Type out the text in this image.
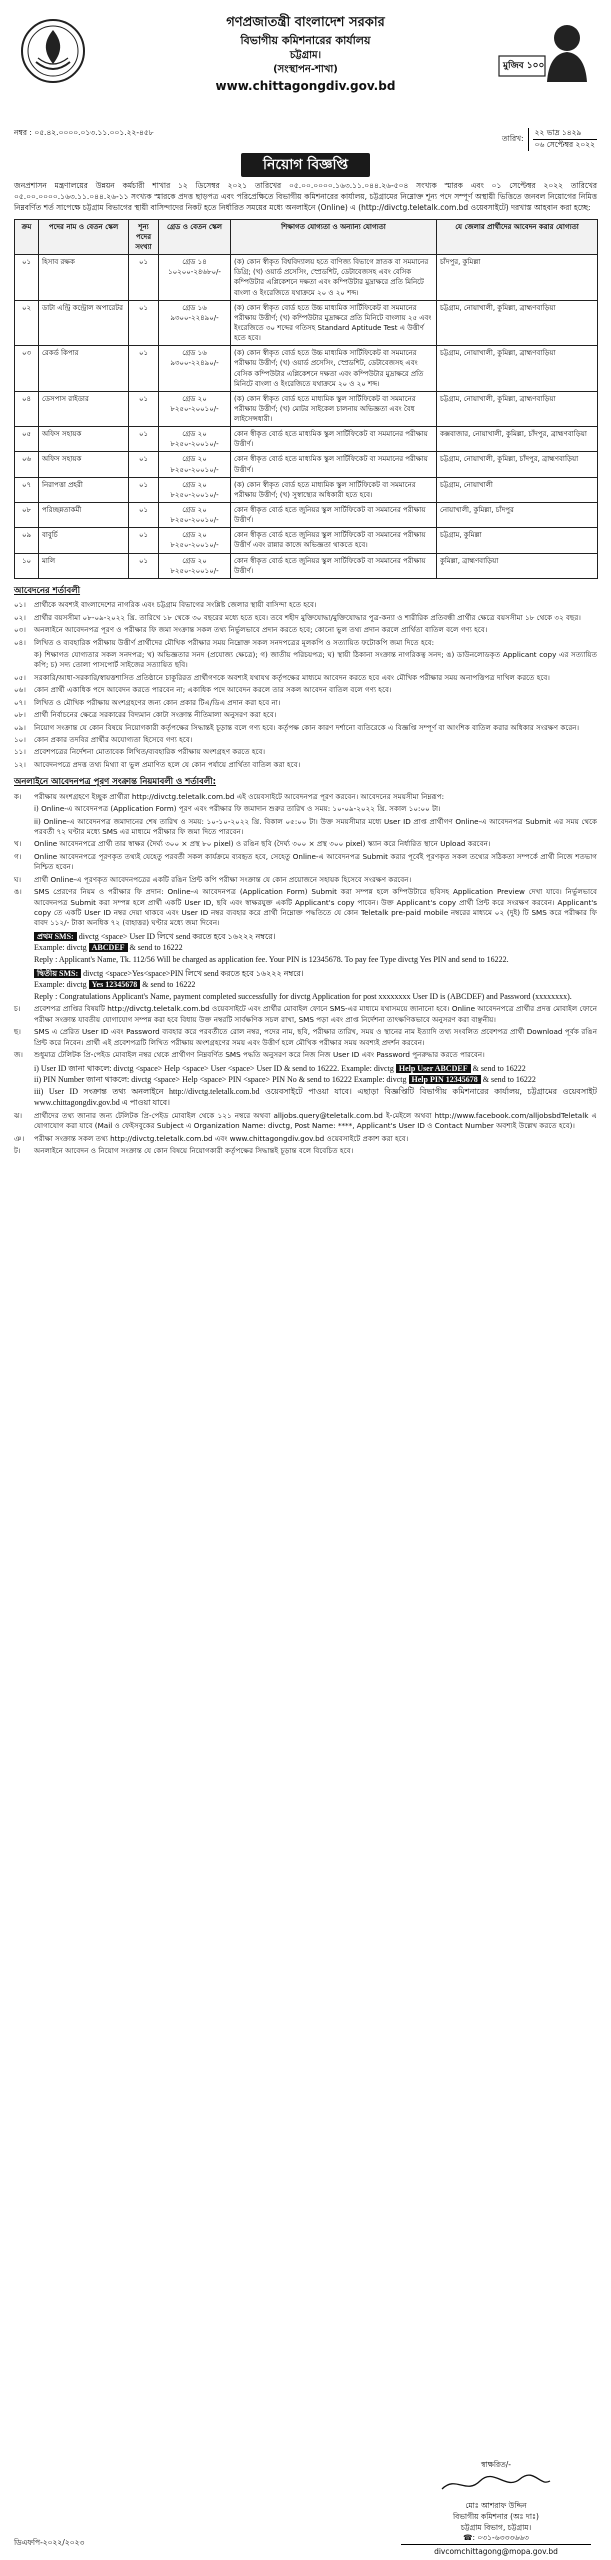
গণপ্রজাতন্ত্রী বাংলাদেশ সরকার
বিভাগীয় কমিশনারের কার্যালয়
চট্টগ্রাম।
(সংস্থাপন-শাখা)
www.chittagongdiv.gov.bd
মুজিব ১০০
নম্বর : ০৫.৪২.০০০০.০১৩.১১.০০১.২২-৪৫৮
তারিখ:
২২ ভাদ্র ১৪২৯
০৬ সেপ্টেম্বর ২০২২
নিয়োগ বিজ্ঞপ্তি
জনপ্রশাসন মন্ত্রণালয়ের উন্নয়ন কর্মচারী শাখার ১২ ডিসেম্বর ২০২১ তারিখের ০৫.০০.০০০০.১৬৩.১১.০৪৪.২৬-৫০৪ সংখ্যক স্মারক এবং ০১ সেপ্টেম্বর ২০২২ তারিখের ০৫.০০.০০০০.১৬৩.১১.০৪৪.২৬-১১ সংখ্যক স্মারকে প্রদত্ত ছাড়পত্র এবং পরিপ্রেক্ষিতে বিভাগীয় কমিশনারের কার্যালয়, চট্টগ্রামের নিম্নোক্ত শূন্য পদে সম্পূর্ণ অস্থায়ী ভিত্তিতে জনবল নিয়োগের নিমিত্ত নিম্নবর্ণিত শর্ত সাপেক্ষে চট্টগ্রাম বিভাগের স্থায়ী বাসিন্দাদের নিকট হতে নির্ধারিত সময়ের মধ্যে অনলাইনে (Online) এ (http://divctg.teletalk.com.bd ওয়েবসাইটে) দরখাস্ত আহবান করা হচ্ছে:
ক্রম	পদের নাম ও বেতন স্কেল	শূন্য পদের সংখ্যা	গ্রেড ও বেতন স্কেল	শিক্ষাগত যোগ্যতা ও অন্যান্য যোগ্যতা	যে জেলার প্রার্থীদের আবেদন করার যোগ্যতা
০১	হিসাব রক্ষক	০১	গ্রেড ১৪ ১০২০০-২৪৬৮০/-	(ক) কোন স্বীকৃত বিশ্ববিদ্যালয় হতে বাণিজ্য বিভাগে স্নাতক বা সমমানের ডিগ্রি; (খ) ওয়ার্ড প্রসেসিং, স্প্রেডশিট, ডেটাবেজসহ এবং বেসিক কম্পিউটার এপ্লিকেশনে দক্ষতা এবং কম্পিউটার মুদ্রাক্ষরে প্রতি মিনিটে বাংলা ও ইংরেজিতে যথাক্রমে ২০ ও ২০ শব্দ।	চাঁদপুর, কুমিল্লা
০২	ডাটা এন্ট্রি কন্ট্রোল অপারেটর	০১	গ্রেড ১৬ ৯৩০০-২২৪৯০/-	(ক) কোন স্বীকৃত বোর্ড হতে উচ্চ মাধ্যমিক সার্টিফিকেট বা সমমানের পরীক্ষায় উত্তীর্ণ; (খ) কম্পিউটার মুদ্রাক্ষরে প্রতি মিনিটে বাংলায় ২৫ এবং ইংরেজিতে ৩০ শব্দের গতিসহ Standard Aptitude Test এ উত্তীর্ণ হতে হবে।	চট্টগ্রাম, নোয়াখালী, কুমিল্লা, ব্রাহ্মণবাড়িয়া
০৩	রেকর্ড কিপার	০১	গ্রেড ১৬ ৯৩০০-২২৪৯০/-	(ক) কোন স্বীকৃত বোর্ড হতে উচ্চ মাধ্যমিক সার্টিফিকেট বা সমমানের পরীক্ষায় উত্তীর্ণ; (খ) ওয়ার্ড প্রসেসিং, স্প্রেডশিট, ডেটাবেজসহ এবং বেসিক কম্পিউটার এপ্লিকেশনে দক্ষতা এবং কম্পিউটার মুদ্রাক্ষরে প্রতি মিনিটে বাংলা ও ইংরেজিতে যথাক্রমে ২০ ও ২০ শব্দ।	চট্টগ্রাম, নোয়াখালী, কুমিল্লা, ব্রাহ্মণবাড়িয়া
০৪	ডেসপাস রাইডার	০১	গ্রেড ২০ ৮২৫০-২০০১০/-	(ক) কোন স্বীকৃত বোর্ড হতে মাধ্যমিক স্কুল সার্টিফিকেট বা সমমানের পরীক্ষায় উত্তীর্ণ; (খ) মোটর সাইকেল চালনায় অভিজ্ঞতা এবং বৈধ লাইসেন্সধারী।	চট্টগ্রাম, নোয়াখালী, কুমিল্লা, ব্রাহ্মণবাড়িয়া
০৫	অফিস সহায়ক	০১	গ্রেড ২০ ৮২৫০-২০০১০/-	কোন স্বীকৃত বোর্ড হতে মাধ্যমিক স্কুল সার্টিফিকেট বা সমমানের পরীক্ষায় উত্তীর্ণ।	কক্সবাজার, নোয়াখালী, কুমিল্লা, চাঁদপুর, ব্রাহ্মণবাড়িয়া
০৬	অফিস সহায়ক	০১	গ্রেড ২০ ৮২৫০-২০০১০/-	কোন স্বীকৃত বোর্ড হতে মাধ্যমিক স্কুল সার্টিফিকেট বা সমমানের পরীক্ষায় উত্তীর্ণ।	চট্টগ্রাম, নোয়াখালী, কুমিল্লা, চাঁদপুর, ব্রাহ্মণবাড়িয়া
০৭	নিরাপত্তা প্রহরী	০১	গ্রেড ২০ ৮২৫০-২০০১০/-	(ক) কোন স্বীকৃত বোর্ড হতে মাধ্যমিক স্কুল সার্টিফিকেট বা সমমানের পরীক্ষায় উত্তীর্ণ; (খ) সুস্বাস্থ্যের অধিকারী হতে হবে।	চট্টগ্রাম, নোয়াখালী
০৮	পরিচ্ছন্নতাকর্মী	০১	গ্রেড ২০ ৮২৫০-২০০১০/-	কোন স্বীকৃত বোর্ড হতে জুনিয়র স্কুল সার্টিফিকেট বা সমমানের পরীক্ষায় উত্তীর্ণ।	নোয়াখালী, কুমিল্লা, চাঁদপুর
০৯	বাবুর্চি	০১	গ্রেড ২০ ৮২৫০-২০০১০/-	কোন স্বীকৃত বোর্ড হতে জুনিয়র স্কুল সার্টিফিকেট বা সমমানের পরীক্ষায় উত্তীর্ণ এবং রান্নার কাজে অভিজ্ঞতা থাকতে হবে।	চট্টগ্রাম, কুমিল্লা
১০	মালি	০১	গ্রেড ২০ ৮২৫০-২০০১০/-	কোন স্বীকৃত বোর্ড হতে জুনিয়র স্কুল সার্টিফিকেট বা সমমানের পরীক্ষায় উত্তীর্ণ।	কুমিল্লা, ব্রাহ্মণবাড়িয়া
আবেদনের শর্তাবলী
০১।	প্রার্থীকে অবশ্যই বাংলাদেশের নাগরিক এবং চট্টগ্রাম বিভাগের সংশ্লিষ্ট জেলার স্থায়ী বাসিন্দা হতে হবে।
০২।	প্রার্থীর বয়সসীমা ০৮-০৯-২০২২ খ্রি. তারিখে ১৮ থেকে ৩০ বছরের মধ্যে হতে হবে। তবে শহীদ মুক্তিযোদ্ধা/মুক্তিযোদ্ধার পুত্র-কন্যা ও শারীরিক প্রতিবন্ধী প্রার্থীর ক্ষেত্রে বয়সসীমা ১৮ থেকে ৩২ বছর।
০৩।	অনলাইনে আবেদনপত্র পূরণ ও পরীক্ষার ফি জমা সংক্রান্ত সকল তথ্য নির্ভুলভাবে প্রদান করতে হবে; কোনো ভুল তথ্য প্রদান করলে প্রার্থিতা বাতিল বলে গণ্য হবে।
০৪।	লিখিত ও ব্যবহারিক পরীক্ষায় উত্তীর্ণ প্রার্থীদের মৌখিক পরীক্ষার সময় নিম্নোক্ত সকল সনদপত্রের মূলকপি ও সত্যায়িত ফটোকপি জমা দিতে হবে:
ক) শিক্ষাগত যোগ্যতার সকল সনদপত্র; খ) অভিজ্ঞতার সনদ (প্রযোজ্য ক্ষেত্রে); গ) জাতীয় পরিচয়পত্র; ঘ) স্থায়ী ঠিকানা সংক্রান্ত নাগরিকত্ব সনদ; ঙ) ডাউনলোডকৃত Applicant copy এর সত্যায়িত কপি; চ) সদ্য তোলা পাসপোর্ট সাইজের সত্যায়িত ছবি।
০৫।	সরকারি/আধা-সরকারি/স্বায়ত্তশাসিত প্রতিষ্ঠানে চাকুরিরত প্রার্থীগণকে অবশ্যই যথাযথ কর্তৃপক্ষের মাধ্যমে আবেদন করতে হবে এবং মৌখিক পরীক্ষার সময় অনাপত্তিপত্র দাখিল করতে হবে।
০৬।	কোন প্রার্থী একাধিক পদে আবেদন করতে পারবেন না; একাধিক পদে আবেদন করলে তার সকল আবেদন বাতিল বলে গণ্য হবে।
০৭।	লিখিত ও মৌখিক পরীক্ষায় অংশগ্রহণের জন্য কোন প্রকার টিএ/ডিএ প্রদান করা হবে না।
০৮।	প্রার্থী নির্বাচনের ক্ষেত্রে সরকারের বিদ্যমান কোটা সংক্রান্ত নীতিমালা অনুসরণ করা হবে।
০৯।	নিয়োগ সংক্রান্ত যে কোন বিষয়ে নিয়োগকারী কর্তৃপক্ষের সিদ্ধান্তই চূড়ান্ত বলে গণ্য হবে। কর্তৃপক্ষ কোন কারণ দর্শানো ব্যতিরেকে এ বিজ্ঞপ্তি সম্পূর্ণ বা আংশিক বাতিল করার অধিকার সংরক্ষণ করেন।
১০।	কোন প্রকার তদবির প্রার্থীর অযোগ্যতা হিসেবে গণ্য হবে।
১১।	প্রবেশপত্রের নির্দেশনা মোতাবেক লিখিত/ব্যবহারিক পরীক্ষায় অংশগ্রহণ করতে হবে।
১২।	আবেদনপত্রে প্রদত্ত তথ্য মিথ্যা বা ভুল প্রমাণিত হলে যে কোন পর্যায়ে প্রার্থিতা বাতিল করা হবে।
অনলাইনে আবেদনপত্র পূরণ সংক্রান্ত নিয়মাবলী ও শর্তাবলী:
ক।	পরীক্ষায় অংশগ্রহণে ইচ্ছুক প্রার্থীরা http://divctg.teletalk.com.bd এই ওয়েবসাইটে আবেদনপত্র পূরণ করবেন। আবেদনের সময়সীমা নিম্নরূপ:
i) Online-এ আবেদনপত্র (Application Form) পূরণ এবং পরীক্ষার ফি জমাদান শুরুর তারিখ ও সময়: ১০-০৯-২০২২ খ্রি. সকাল ১০:০০ টা।
ii) Online-এ আবেদনপত্র জমাদানের শেষ তারিখ ও সময়: ১০-১০-২০২২ খ্রি. বিকাল ০৫:০০ টা। উক্ত সময়সীমার মধ্যে User ID প্রাপ্ত প্রার্থীগণ Online-এ আবেদনপত্র Submit এর সময় থেকে পরবর্তী ৭২ ঘণ্টার মধ্যে SMS এর মাধ্যমে পরীক্ষার ফি জমা দিতে পারবেন।
খ।	Online আবেদনপত্রে প্রার্থী তার স্বাক্ষর (দৈর্ঘ্য ৩০০ × প্রস্থ ৮০ pixel) ও রঙিন ছবি (দৈর্ঘ্য ৩০০ × প্রস্থ ৩০০ pixel) স্ক্যান করে নির্ধারিত স্থানে Upload করবেন।
গ।	Online আবেদনপত্রে পূরণকৃত তথ্যই যেহেতু পরবর্তী সকল কার্যক্রমে ব্যবহৃত হবে, সেহেতু Online-এ আবেদনপত্র Submit করার পূর্বেই পূরণকৃত সকল তথ্যের সঠিকতা সম্পর্কে প্রার্থী নিজে শতভাগ নিশ্চিত হবেন।
ঘ।	প্রার্থী Online-এ পূরণকৃত আবেদনপত্রের একটি রঙিন প্রিন্ট কপি পরীক্ষা সংক্রান্ত যে কোন প্রয়োজনে সহায়ক হিসেবে সংরক্ষণ করবেন।
ঙ।	SMS প্রেরণের নিয়ম ও পরীক্ষার ফি প্রদান: Online-এ আবেদনপত্র (Application Form) Submit করা সম্পন্ন হলে কম্পিউটারে ছবিসহ Application Preview দেখা যাবে। নির্ভুলভাবে আবেদনপত্র Submit করা সম্পন্ন হলে প্রার্থী একটি User ID, ছবি এবং স্বাক্ষরযুক্ত একটি Applicant's copy পাবেন। উক্ত Applicant's copy প্রার্থী প্রিন্ট করে সংরক্ষণ করবেন। Applicant's copy তে একটি User ID নম্বর দেয়া থাকবে এবং User ID নম্বর ব্যবহার করে প্রার্থী নিম্নোক্ত পদ্ধতিতে যে কোন Teletalk pre-paid mobile নম্বরের মাধ্যমে ০২ (দুই) টি SMS করে পরীক্ষার ফি বাবদ ১১২/- টাকা অনধিক ৭২ (বাহাত্তর) ঘণ্টার মধ্যে জমা দিবেন।
প্রথম SMS: divctg <space> User ID লিখে send করতে হবে ১৬২২২ নম্বরে।
Example: divctg ABCDEF & send to 16222
Reply : Applicant's Name, Tk. 112/56 Will be charged as application fee. Your PIN is 12345678. To pay fee Type divctg Yes PIN and send to 16222.
দ্বিতীয় SMS: divctg <space>Yes<space>PIN লিখে send করতে হবে ১৬২২২ নম্বরে।
Example: divctg Yes 12345678 & send to 16222
Reply : Congratulations Applicant's Name, payment completed successfully for divctg Application for post xxxxxxxx User ID is (ABCDEF) and Password (xxxxxxxx).
চ।	প্রবেশপত্র প্রাপ্তির বিষয়টি http://divctg.teletalk.com.bd ওয়েবসাইটে এবং প্রার্থীর মোবাইল ফোনে SMS-এর মাধ্যমে যথাসময়ে জানানো হবে। Online আবেদনপত্রে প্রার্থীর প্রদত্ত মোবাইল ফোনে পরীক্ষা সংক্রান্ত যাবতীয় যোগাযোগ সম্পন্ন করা হবে বিধায় উক্ত নম্বরটি সার্বক্ষণিক সচল রাখা, SMS পড়া এবং প্রাপ্ত নির্দেশনা তাৎক্ষণিকভাবে অনুসরণ করা বাঞ্ছনীয়।
ছ।	SMS এ প্রেরিত User ID এবং Password ব্যবহার করে পরবর্তীতে রোল নম্বর, পদের নাম, ছবি, পরীক্ষার তারিখ, সময় ও স্থানের নাম ইত্যাদি তথ্য সংবলিত প্রবেশপত্র প্রার্থী Download পূর্বক রঙিন প্রিন্ট করে নিবেন। প্রার্থী এই প্রবেশপত্রটি লিখিত পরীক্ষায় অংশগ্রহণের সময় এবং উত্তীর্ণ হলে মৌখিক পরীক্ষার সময় অবশ্যই প্রদর্শন করবেন।
জ।	শুধুমাত্র টেলিটক প্রি-পেইড মোবাইল নম্বর থেকে প্রার্থীগণ নিম্নবর্ণিত SMS পদ্ধতি অনুসরণ করে নিজ নিজ User ID এবং Password পুনরুদ্ধার করতে পারবেন।
i) User ID জানা থাকলে: divctg <space> Help <space> User <space> User ID & send to 16222. Example: divctg Help User ABCDEF & send to 16222
ii) PIN Number জানা থাকলে: divctg <space> Help <space> PIN <space> PIN No & send to 16222 Example: divctg Help PIN 12345678 & send to 16222
iii) User ID সংক্রান্ত তথ্য অনলাইনে http://divctg.teletalk.com.bd ওয়েবসাইটে পাওয়া যাবে। এছাড়া বিজ্ঞপ্তিটি বিভাগীয় কমিশনারের কার্যালয়, চট্টগ্রামের ওয়েবসাইট www.chittagongdiv.gov.bd এ পাওয়া যাবে।
ঝ।	প্রার্থীদের তথ্য জানার জন্য টেলিটক প্রি-পেইড মোবাইল থেকে ১২১ নম্বরে অথবা alljobs.query@teletalk.com.bd ই-মেইলে অথবা http://www.facebook.com/alljobsbdTeletalk এ যোগাযোগ করা যাবে (Mail ও ফেইসবুকের Subject এ Organization Name: divctg, Post Name: ****, Applicant's User ID ও Contact Number অবশ্যই উল্লেখ করতে হবে)।
ঞ।	পরীক্ষা সংক্রান্ত সকল তথ্য http://divctg.teletalk.com.bd এবং www.chittagongdiv.gov.bd ওয়েবসাইটে প্রকাশ করা হবে।
ট।	অনলাইনে আবেদন ও নিয়োগ সংক্রান্ত যে কোন বিষয়ে নিয়োগকারী কর্তৃপক্ষের সিদ্ধান্তই চূড়ান্ত বলে বিবেচিত হবে।
স্বাক্ষরিত/-
মোঃ আশরাফ উদ্দিন
বিভাগীয় কমিশনার (অঃ দাঃ)
চট্টগ্রাম বিভাগ, চট্টগ্রাম।
☎: ০৩১-৬৩৩৩৬৬৩
divcomchittagong@mopa.gov.bd
ডিএফপি-২০২২/২০২৩
